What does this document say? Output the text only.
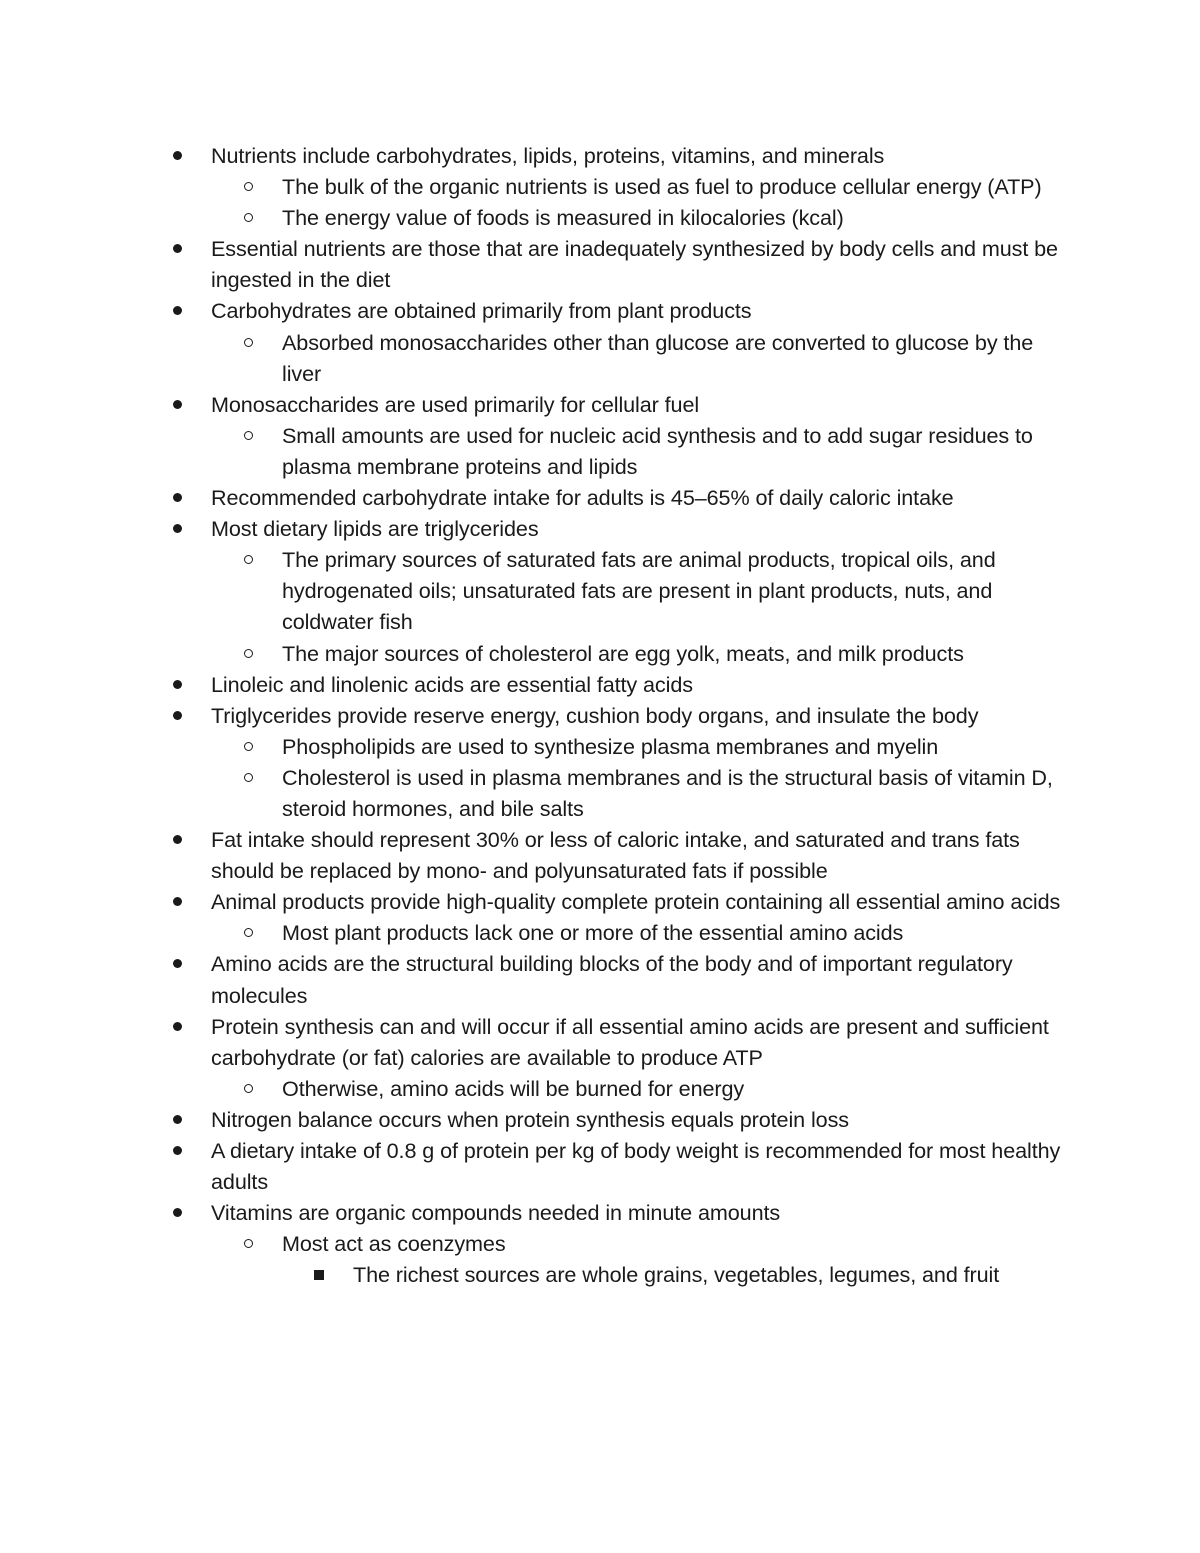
Nutrients include carbohydrates, lipids, proteins, vitamins, and minerals
The bulk of the organic nutrients is used as fuel to produce cellular energy (ATP)
The energy value of foods is measured in kilocalories (kcal)
Essential nutrients are those that are inadequately synthesized by body cells and must be ingested in the diet
Carbohydrates are obtained primarily from plant products
Absorbed monosaccharides other than glucose are converted to glucose by the liver
Monosaccharides are used primarily for cellular fuel
Small amounts are used for nucleic acid synthesis and to add sugar residues to plasma membrane proteins and lipids
Recommended carbohydrate intake for adults is 45–65% of daily caloric intake
Most dietary lipids are triglycerides
The primary sources of saturated fats are animal products, tropical oils, and hydrogenated oils; unsaturated fats are present in plant products, nuts, and coldwater fish
The major sources of cholesterol are egg yolk, meats, and milk products
Linoleic and linolenic acids are essential fatty acids
Triglycerides provide reserve energy, cushion body organs, and insulate the body
Phospholipids are used to synthesize plasma membranes and myelin
Cholesterol is used in plasma membranes and is the structural basis of vitamin D, steroid hormones, and bile salts
Fat intake should represent 30% or less of caloric intake, and saturated and trans fats should be replaced by mono- and polyunsaturated fats if possible
Animal products provide high-quality complete protein containing all essential amino acids
Most plant products lack one or more of the essential amino acids
Amino acids are the structural building blocks of the body and of important regulatory molecules
Protein synthesis can and will occur if all essential amino acids are present and sufficient carbohydrate (or fat) calories are available to produce ATP
Otherwise, amino acids will be burned for energy
Nitrogen balance occurs when protein synthesis equals protein loss
A dietary intake of 0.8 g of protein per kg of body weight is recommended for most healthy adults
Vitamins are organic compounds needed in minute amounts
Most act as coenzymes
The richest sources are whole grains, vegetables, legumes, and fruit
